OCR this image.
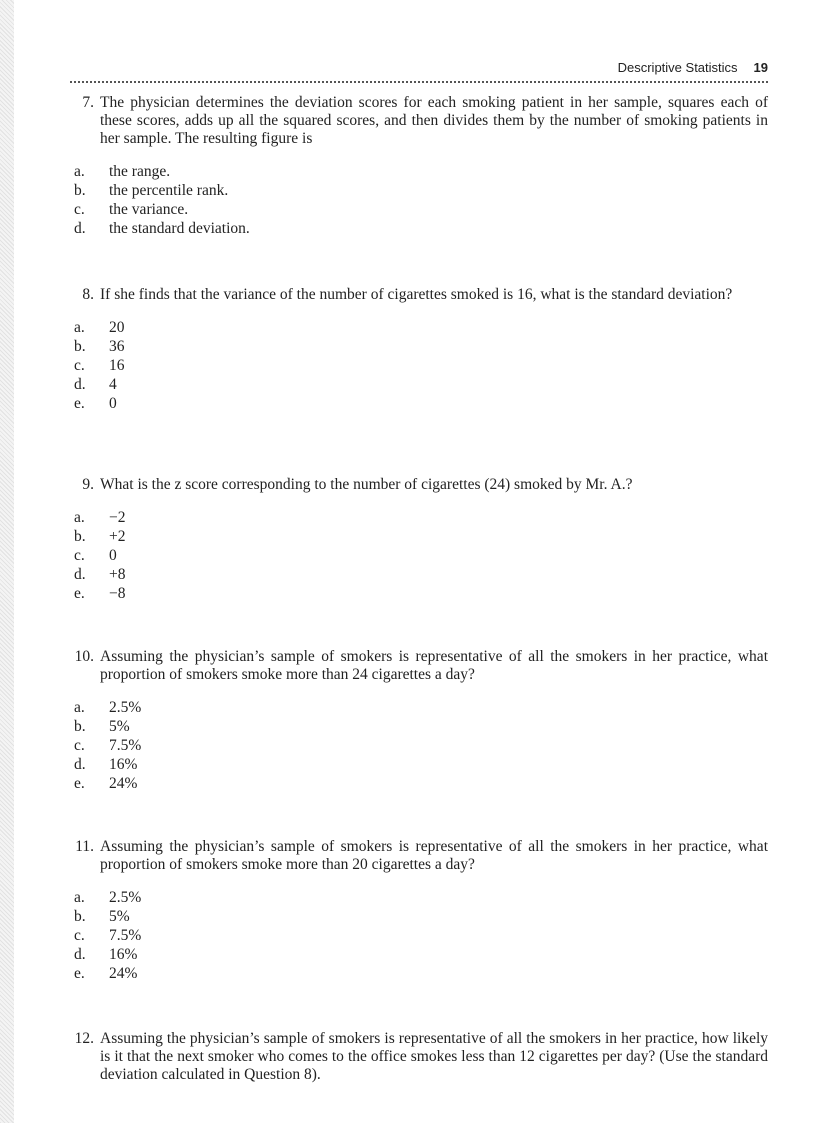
Descriptive Statistics 19
7. The physician determines the deviation scores for each smoking patient in her sample, squares each of these scores, adds up all the squared scores, and then divides them by the number of smoking patients in her sample. The resulting figure is
a. the range.
b. the percentile rank.
c. the variance.
d. the standard deviation.
8. If she finds that the variance of the number of cigarettes smoked is 16, what is the standard deviation?
a. 20
b. 36
c. 16
d. 4
e. 0
9. What is the z score corresponding to the number of cigarettes (24) smoked by Mr. A.?
a. −2
b. +2
c. 0
d. +8
e. −8
10. Assuming the physician’s sample of smokers is representative of all the smokers in her practice, what proportion of smokers smoke more than 24 cigarettes a day?
a. 2.5%
b. 5%
c. 7.5%
d. 16%
e. 24%
11. Assuming the physician’s sample of smokers is representative of all the smokers in her practice, what proportion of smokers smoke more than 20 cigarettes a day?
a. 2.5%
b. 5%
c. 7.5%
d. 16%
e. 24%
12. Assuming the physician’s sample of smokers is representative of all the smokers in her practice, how likely is it that the next smoker who comes to the office smokes less than 12 cigarettes per day? (Use the standard deviation calculated in Question 8).
